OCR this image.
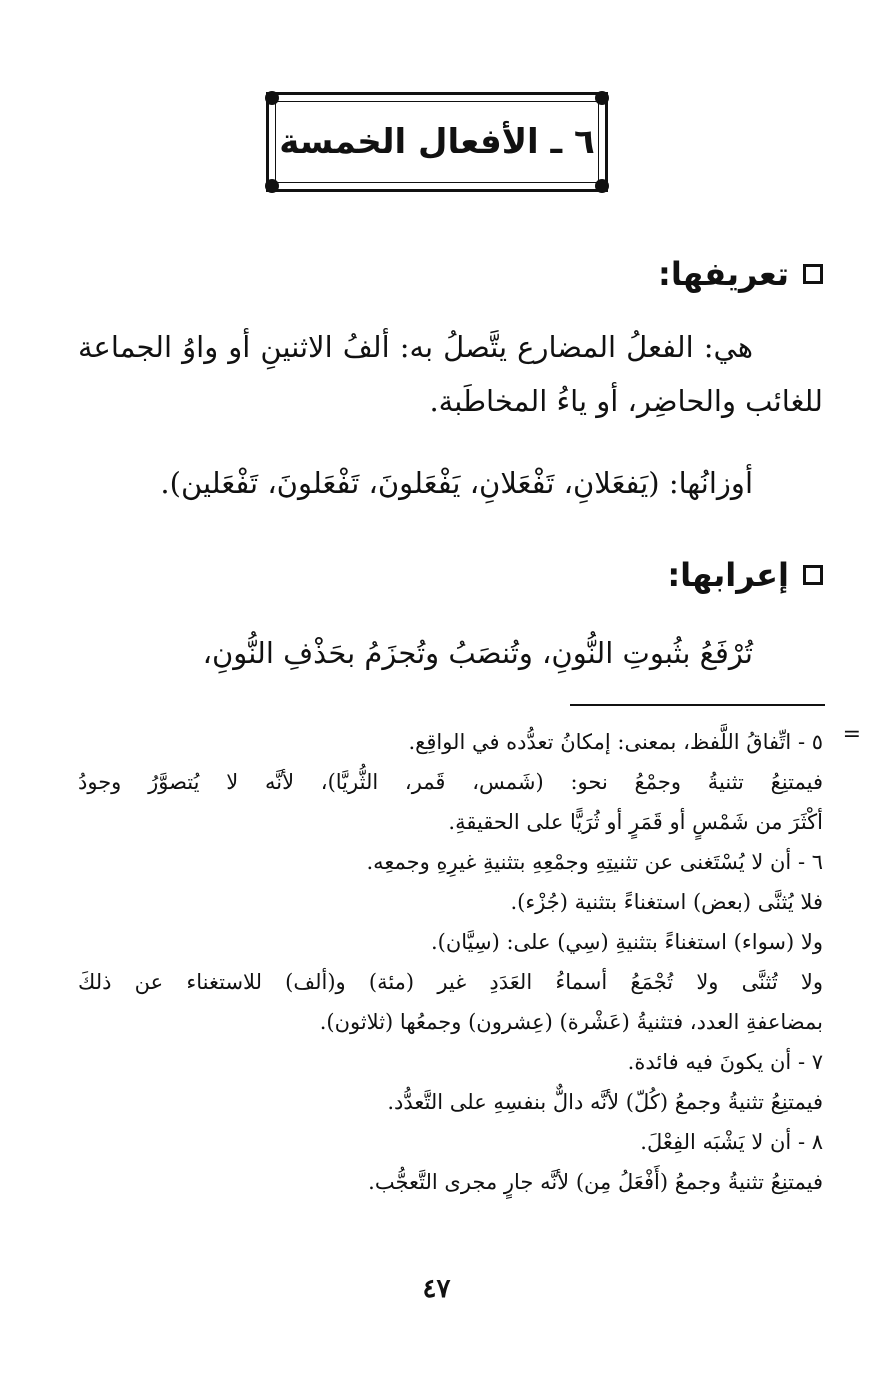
٦ ـ الأفعال الخمسة
تعريفها:
هي: الفعلُ المضارع يتَّصلُ به: ألفُ الاثنينِ أو واوُ الجماعة للغائب والحاضِر، أو ياءُ المخاطَبة.
أوزانُها: (يَفعَلانِ، تَفْعَلانِ، يَفْعَلونَ، تَفْعَلونَ، تَفْعَلين).
إعرابها:
تُرْفَعُ بثُبوتِ النُّونِ، وتُنصَبُ وتُجزَمُ بحَذْفِ النُّونِ،
=
٥ - اتِّفاقُ اللَّفظ، بمعنى: إمكانُ تعدُّده في الواقِع.
فيمتنِعُ تثنيةُ وجمْعُ نحو: (شَمس، قَمر، الثُّريَّا)، لأنَّه لا يُتصوَّرُ وجودُ
أكْثَرَ من شَمْسٍ أو قَمَرٍ أو ثُرَيًّا على الحقيقةِ.
٦ - أن لا يُسْتَغنى عن تثنيتِهِ وجمْعِهِ بتثنيةِ غيرِهِ وجمعِه.
فلا يُثنَّى (بعض) استغناءً بتثنية (جُزْء).
ولا (سواء) استغناءً بتثنيةِ (سِي) على: (سِيَّان).
ولا تُثنَّى ولا تُجْمَعُ أسماءُ العَدَدِ غير (مئة) و(ألف) للاستغناء عن ذلكَ
بمضاعفةِ العدد، فتثنيةُ (عَشْرة) (عِشرون) وجمعُها (ثلاثون).
٧ - أن يكونَ فيه فائدة.
فيمتنِعُ تثنيةُ وجمعُ (كُلّ) لأنَّه دالٌّ بنفسِهِ على التَّعدُّد.
٨ - أن لا يَشْبَه الفِعْلَ.
فيمتنِعُ تثنيةُ وجمعُ (أَفْعَلُ مِن) لأنَّه جارٍ مجرى التَّعجُّب.
٤٧
